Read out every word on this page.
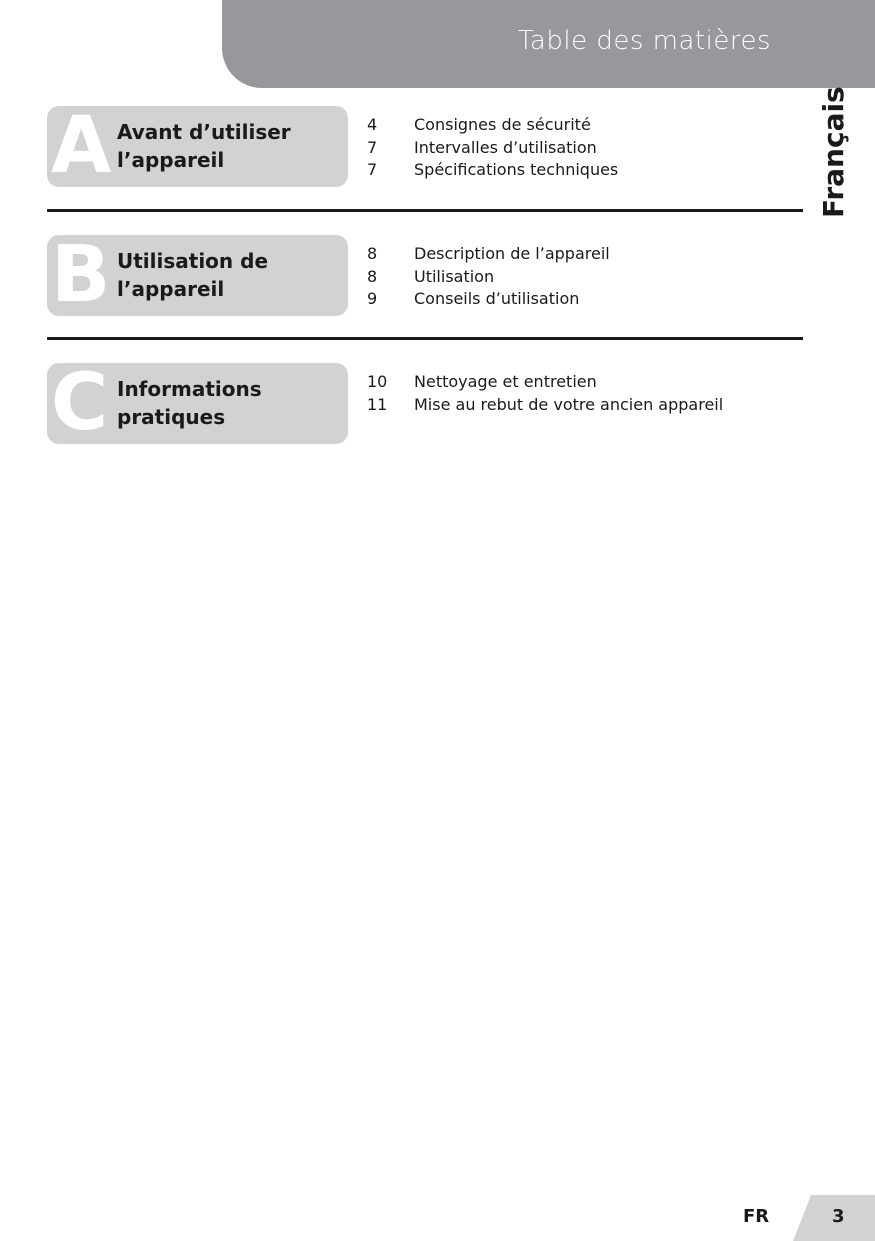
Table des matières
Français
A Avant d’utiliser
l’appareil
4 Consignes de sécurité
7 Intervalles d’utilisation
7 Spécifications techniques
B Utilisation de
l’appareil
8 Description de l’appareil
8 Utilisation
9 Conseils d’utilisation
C Informations
pratiques
10 Nettoyage et entretien
11 Mise au rebut de votre ancien appareil
FR	3
